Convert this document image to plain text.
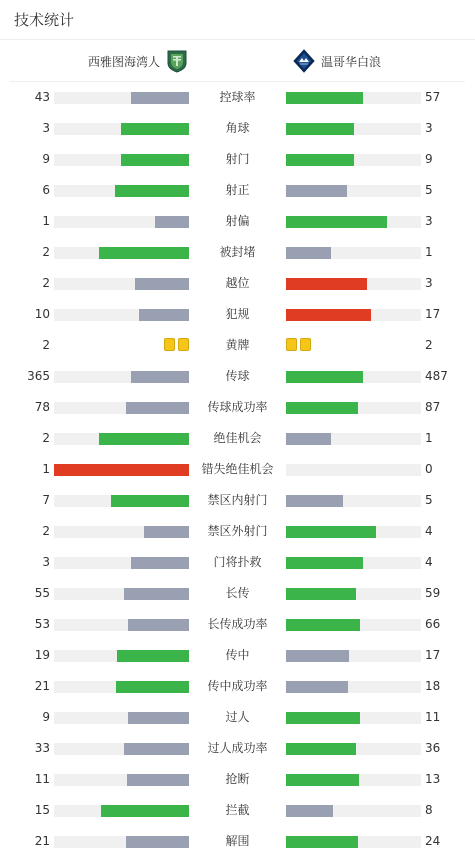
技术统计
西雅图海湾人	温哥华白浪
43	控球率	57
3	角球	3
9	射门	9
6	射正	5
1	射偏	3
2	被封堵	1
2	越位	3
10	犯规	17
2	黄牌	2
365	传球	487
78	传球成功率	87
2	绝佳机会	1
1	错失绝佳机会	0
7	禁区内射门	5
2	禁区外射门	4
3	门将扑救	4
55	长传	59
53	长传成功率	66
19	传中	17
21	传中成功率	18
9	过人	11
33	过人成功率	36
11	抢断	13
15	拦截	8
21	解围	24
